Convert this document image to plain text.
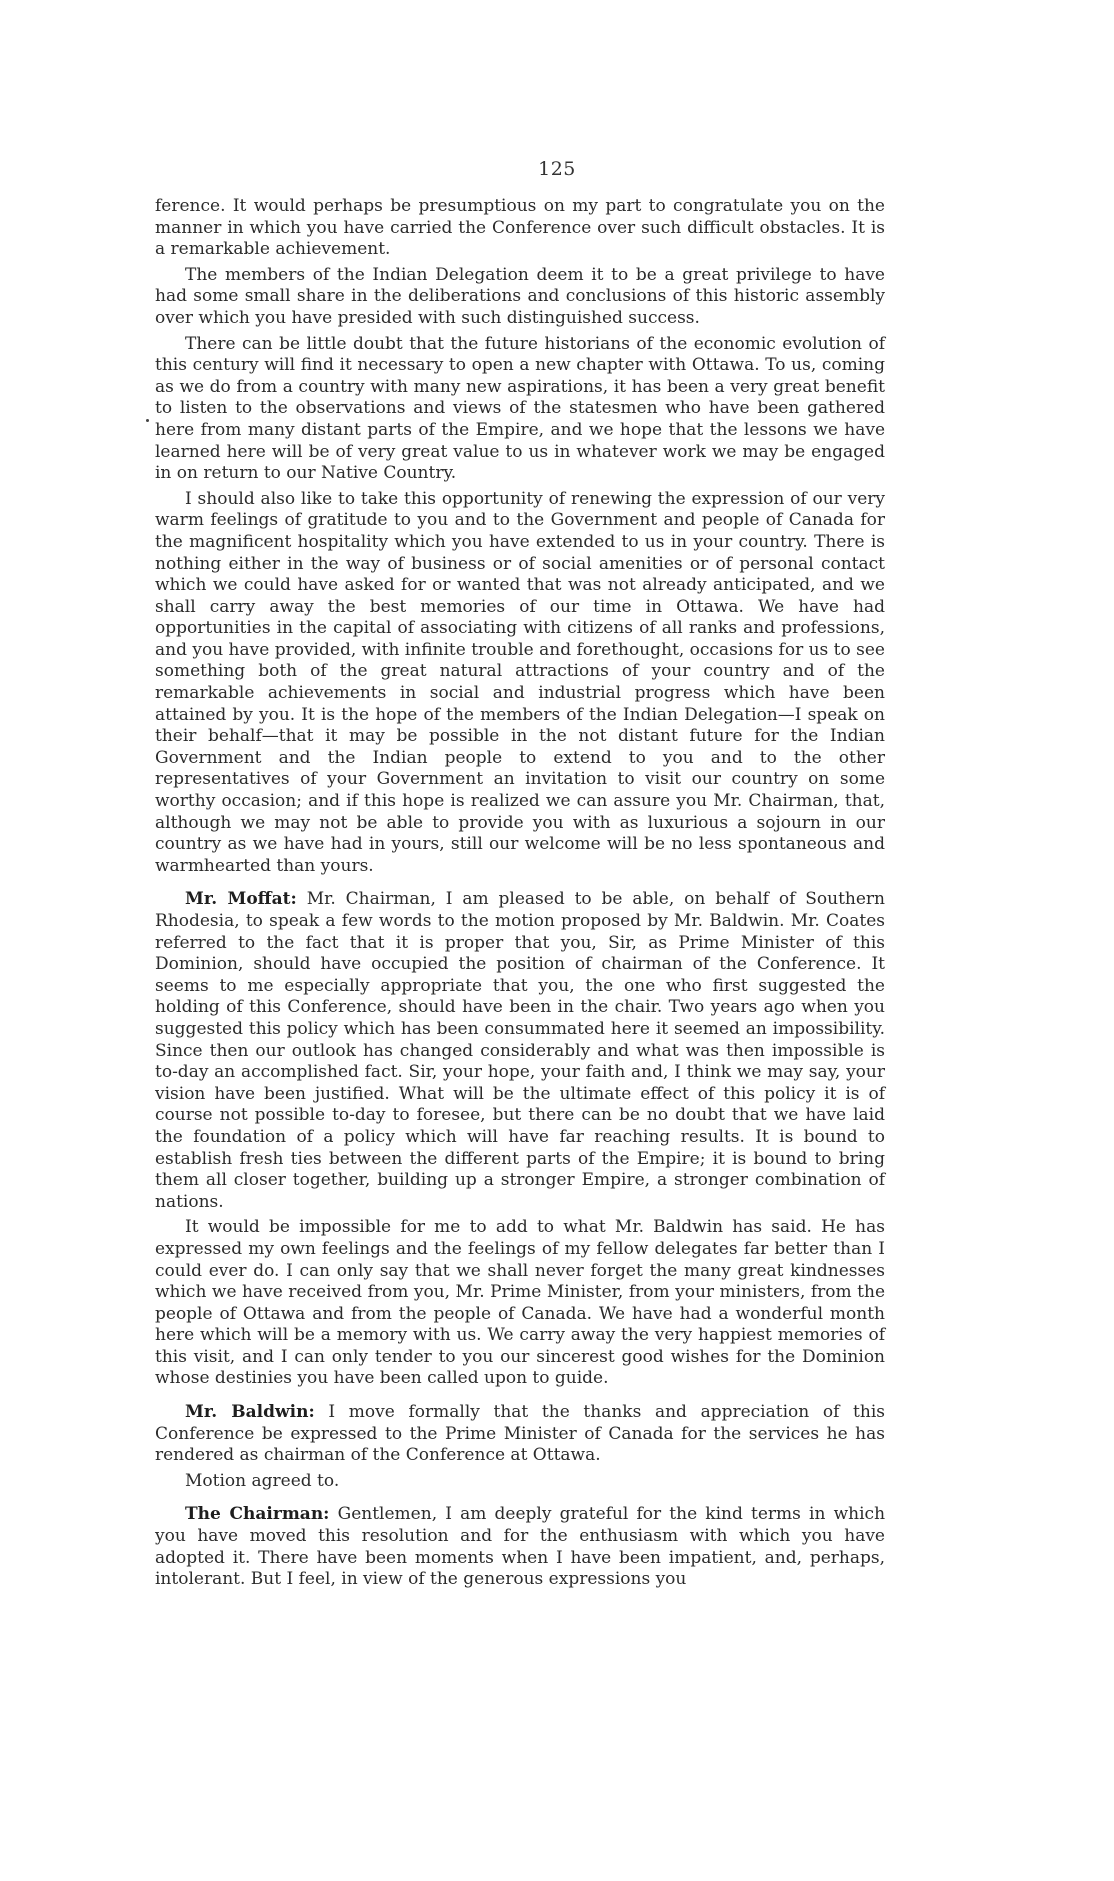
125

ference. It would perhaps be presumptious on my part to congratulate you on the manner in which you have carried the Conference over such difficult obstacles. It is a remarkable achievement.

The members of the Indian Delegation deem it to be a great privilege to have had some small share in the deliberations and conclusions of this historic assembly over which you have presided with such distinguished success.

There can be little doubt that the future historians of the economic evolution of this century will find it necessary to open a new chapter with Ottawa. To us, coming as we do from a country with many new aspirations, it has been a very great benefit to listen to the observations and views of the statesmen who have been gathered here from many distant parts of the Empire, and we hope that the lessons we have learned here will be of very great value to us in whatever work we may be engaged in on return to our Native Country.

I should also like to take this opportunity of renewing the expression of our very warm feelings of gratitude to you and to the Government and people of Canada for the magnificent hospitality which you have extended to us in your country. There is nothing either in the way of business or of social amenities or of personal contact which we could have asked for or wanted that was not already anticipated, and we shall carry away the best memories of our time in Ottawa. We have had opportunities in the capital of associating with citizens of all ranks and professions, and you have provided, with infinite trouble and forethought, occasions for us to see something both of the great natural attractions of your country and of the remarkable achievements in social and industrial progress which have been attained by you. It is the hope of the members of the Indian Delegation—I speak on their behalf—that it may be possible in the not distant future for the Indian Government and the Indian people to extend to you and to the other representatives of your Government an invitation to visit our country on some worthy occasion; and if this hope is realized we can assure you Mr. Chairman, that, although we may not be able to provide you with as luxurious a sojourn in our country as we have had in yours, still our welcome will be no less spontaneous and warmhearted than yours.

Mr. Moffat: Mr. Chairman, I am pleased to be able, on behalf of Southern Rhodesia, to speak a few words to the motion proposed by Mr. Baldwin. Mr. Coates referred to the fact that it is proper that you, Sir, as Prime Minister of this Dominion, should have occupied the position of chairman of the Conference. It seems to me especially appropriate that you, the one who first suggested the holding of this Conference, should have been in the chair. Two years ago when you suggested this policy which has been consummated here it seemed an impossibility. Since then our outlook has changed considerably and what was then impossible is to-day an accomplished fact. Sir, your hope, your faith and, I think we may say, your vision have been justified. What will be the ultimate effect of this policy it is of course not possible to-day to foresee, but there can be no doubt that we have laid the foundation of a policy which will have far reaching results. It is bound to establish fresh ties between the different parts of the Empire; it is bound to bring them all closer together, building up a stronger Empire, a stronger combination of nations.

It would be impossible for me to add to what Mr. Baldwin has said. He has expressed my own feelings and the feelings of my fellow delegates far better than I could ever do. I can only say that we shall never forget the many great kindnesses which we have received from you, Mr. Prime Minister, from your ministers, from the people of Ottawa and from the people of Canada. We have had a wonderful month here which will be a memory with us. We carry away the very happiest memories of this visit, and I can only tender to you our sincerest good wishes for the Dominion whose destinies you have been called upon to guide.

Mr. Baldwin: I move formally that the thanks and appreciation of this Conference be expressed to the Prime Minister of Canada for the services he has rendered as chairman of the Conference at Ottawa.

Motion agreed to.

The Chairman: Gentlemen, I am deeply grateful for the kind terms in which you have moved this resolution and for the enthusiasm with which you have adopted it. There have been moments when I have been impatient, and, perhaps, intolerant. But I feel, in view of the generous expressions you
